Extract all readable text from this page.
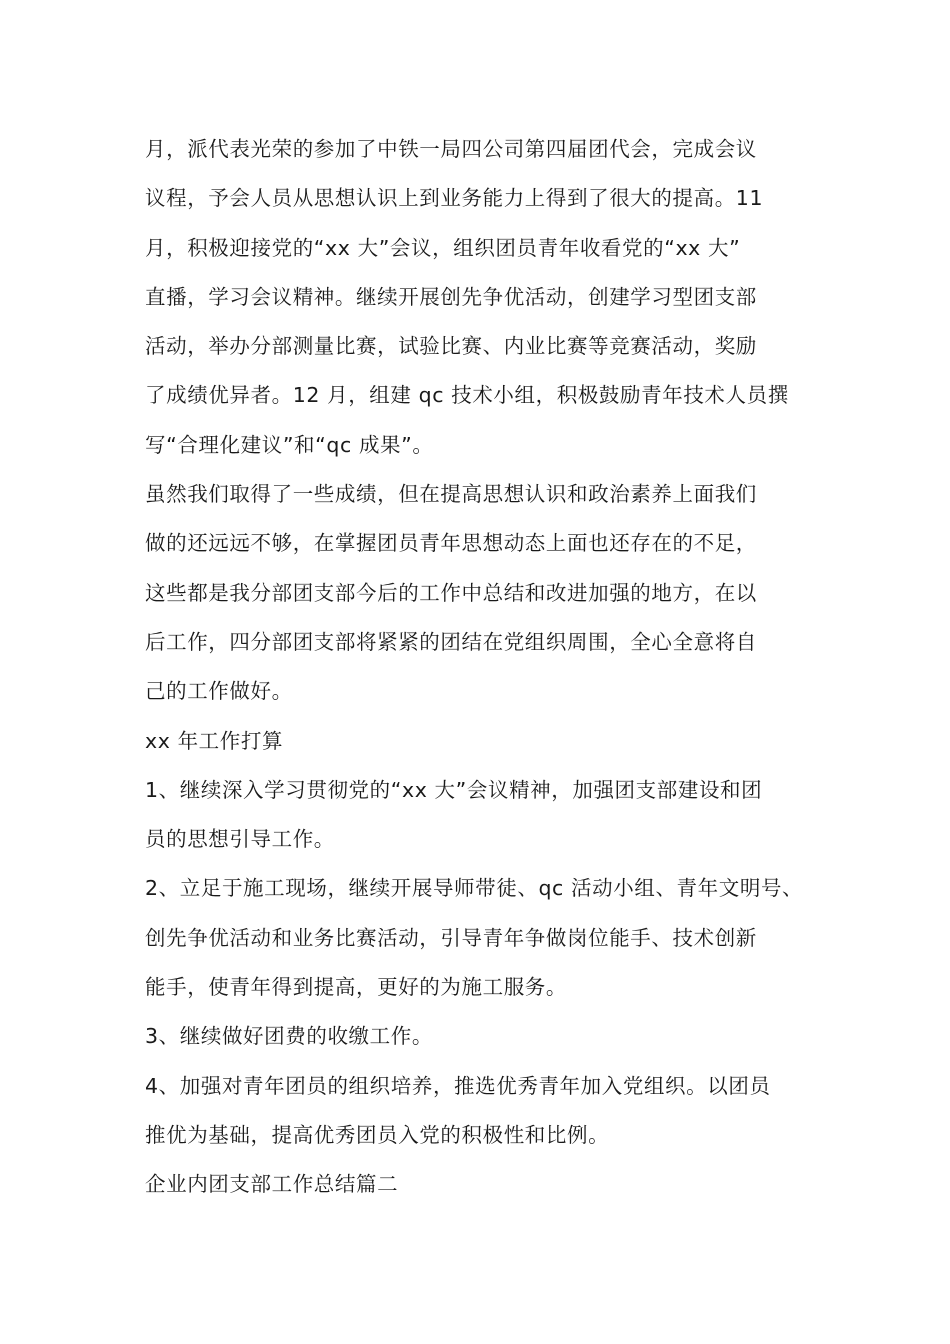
月，派代表光荣的参加了中铁一局四公司第四届团代会，完成会议
议程，予会人员从思想认识上到业务能力上得到了很大的提高。11
月，积极迎接党的“xx 大”会议，组织团员青年收看党的“xx 大”
直播，学习会议精神。继续开展创先争优活动，创建学习型团支部
活动，举办分部测量比赛，试验比赛、内业比赛等竞赛活动，奖励
了成绩优异者。12 月，组建 qc 技术小组，积极鼓励青年技术人员撰
写“合理化建议”和“qc 成果”。

虽然我们取得了一些成绩，但在提高思想认识和政治素养上面我们
做的还远远不够，在掌握团员青年思想动态上面也还存在的不足，
这些都是我分部团支部今后的工作中总结和改进加强的地方，在以
后工作，四分部团支部将紧紧的团结在党组织周围，全心全意将自
己的工作做好。

xx 年工作打算

1、继续深入学习贯彻党的“xx 大”会议精神，加强团支部建设和团
员的思想引导工作。

2、立足于施工现场，继续开展导师带徒、qc 活动小组、青年文明号、
创先争优活动和业务比赛活动，引导青年争做岗位能手、技术创新
能手，使青年得到提高，更好的为施工服务。

3、继续做好团费的收缴工作。

4、加强对青年团员的组织培养，推选优秀青年加入党组织。以团员
推优为基础，提高优秀团员入党的积极性和比例。

企业内团支部工作总结篇二
